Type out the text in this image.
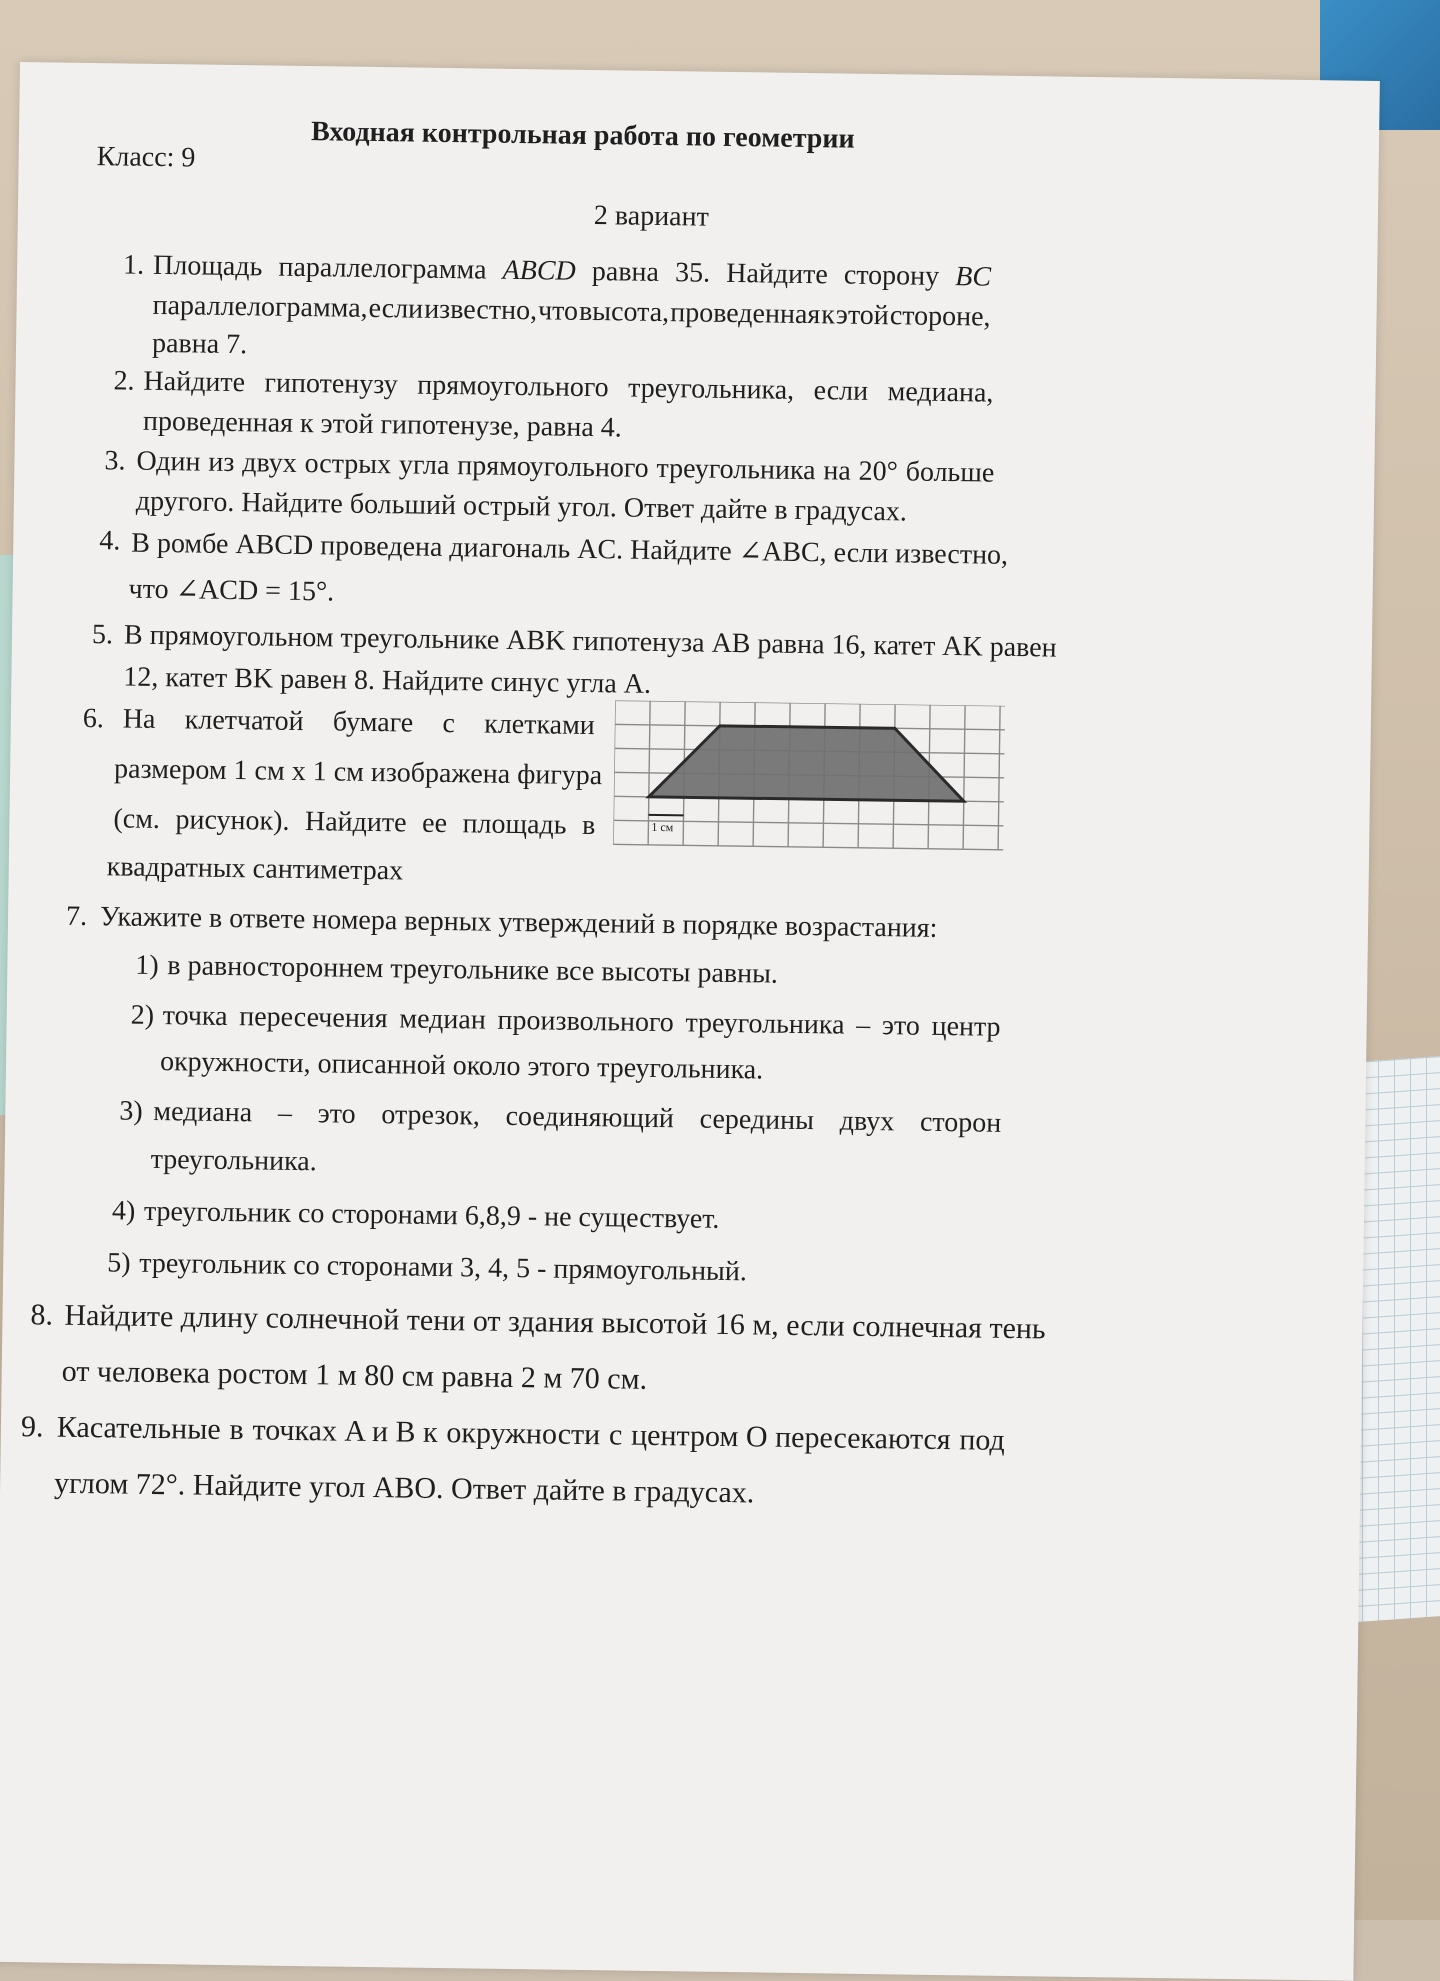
Входная контрольная работа по геометрии
Класс: 9
2 вариант
1. Площадь параллелограмма ABCD равна 35. Найдите сторону BC
параллелограмма, если известно, что высота, проведенная к этой стороне,
равна 7.
2. Найдите гипотенузу прямоугольного треугольника, если медиана,
проведенная к этой гипотенузе, равна 4.
3. Один из двух острых угла прямоугольного треугольника на 20° больше
другого. Найдите больший острый угол. Ответ дайте в градусах.
4. В ромбе ABCD проведена диагональ AC. Найдите ∠ABC, если известно,
что ∠ACD = 15°.
5. В прямоугольном треугольнике ABK гипотенуза AB равна 16, катет AK равен
12, катет BK равен 8. Найдите синус угла A.
6. На клетчатой бумаге с клетками
размером 1 см х 1 см изображена фигура
(см. рисунок). Найдите ее площадь в
квадратных сантиметрах
1 см
7. Укажите в ответе номера верных утверждений в порядке возрастания:
1) в равностороннем треугольнике все высоты равны.
2) точка пересечения медиан произвольного треугольника – это центр
окружности, описанной около этого треугольника.
3) медиана – это отрезок, соединяющий середины двух сторон
треугольника.
4) треугольник со сторонами 6,8,9 - не существует.
5) треугольник со сторонами 3, 4, 5 - прямоугольный.
8. Найдите длину солнечной тени от здания высотой 16 м, если солнечная тень
от человека ростом 1 м 80 см равна 2 м 70 см.
9. Касательные в точках A и B к окружности с центром O пересекаются под
углом 72°. Найдите угол ABO. Ответ дайте в градусах.
